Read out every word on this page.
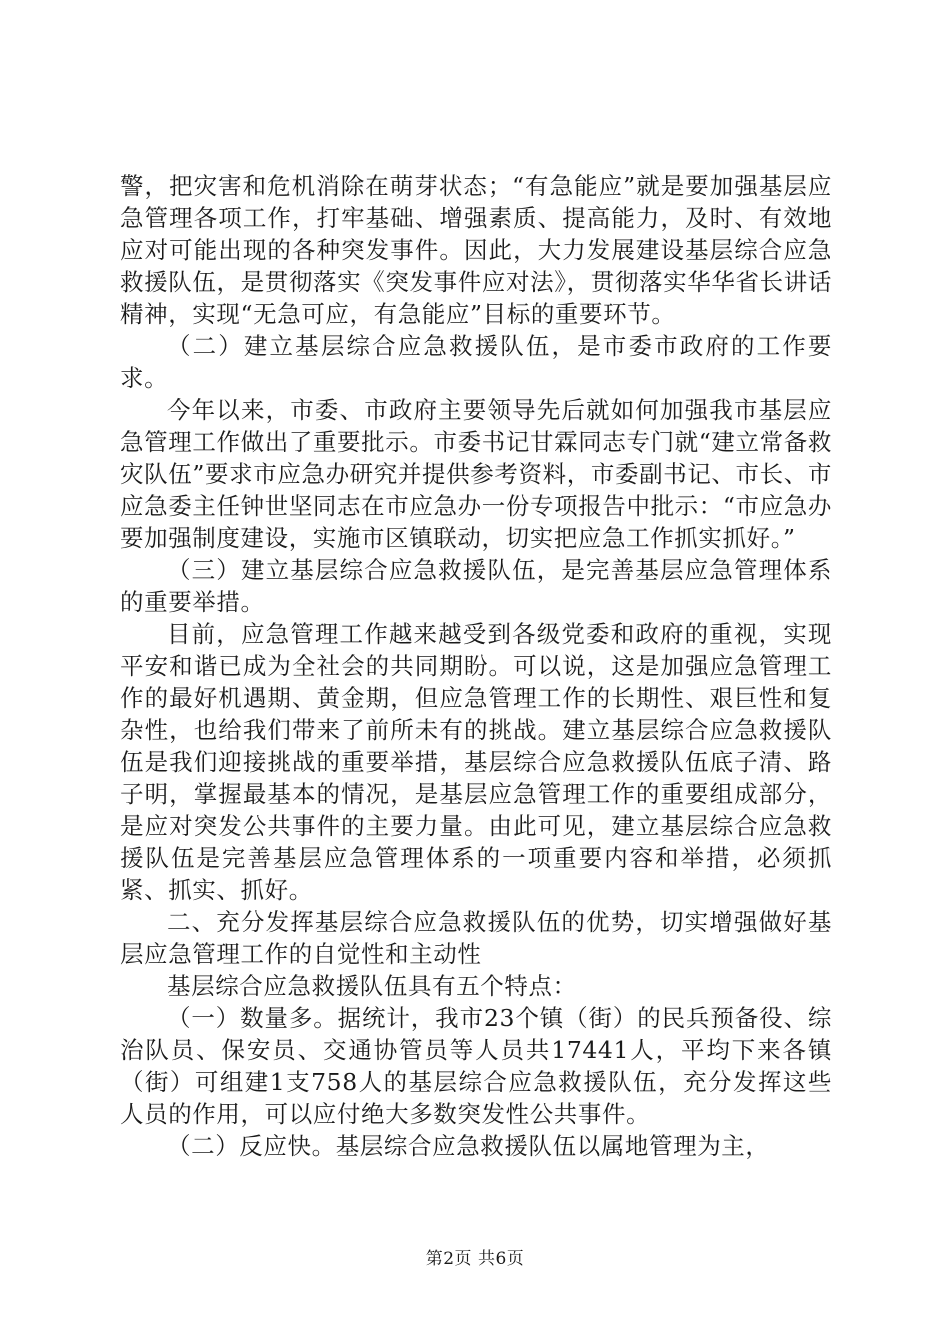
警，把灾害和危机消除在萌芽状态；“有急能应”就是要加强基层应急管理各项工作，打牢基础、增强素质、提高能力，及时、有效地应对可能出现的各种突发事件。因此，大力发展建设基层综合应急救援队伍，是贯彻落实《突发事件应对法》，贯彻落实华华省长讲话精神，实现“无急可应，有急能应”目标的重要环节。

（二）建立基层综合应急救援队伍，是市委市政府的工作要求。

今年以来，市委、市政府主要领导先后就如何加强我市基层应急管理工作做出了重要批示。市委书记甘霖同志专门就“建立常备救灾队伍”要求市应急办研究并提供参考资料，市委副书记、市长、市应急委主任钟世坚同志在市应急办一份专项报告中批示：“市应急办要加强制度建设，实施市区镇联动，切实把应急工作抓实抓好。”

（三）建立基层综合应急救援队伍，是完善基层应急管理体系的重要举措。

目前，应急管理工作越来越受到各级党委和政府的重视，实现平安和谐已成为全社会的共同期盼。可以说，这是加强应急管理工作的最好机遇期、黄金期，但应急管理工作的长期性、艰巨性和复杂性，也给我们带来了前所未有的挑战。建立基层综合应急救援队伍是我们迎接挑战的重要举措，基层综合应急救援队伍底子清、路子明，掌握最基本的情况，是基层应急管理工作的重要组成部分，是应对突发公共事件的主要力量。由此可见，建立基层综合应急救援队伍是完善基层应急管理体系的一项重要内容和举措，必须抓紧、抓实、抓好。

二、充分发挥基层综合应急救援队伍的优势，切实增强做好基层应急管理工作的自觉性和主动性

基层综合应急救援队伍具有五个特点：

（一）数量多。据统计，我市23个镇（街）的民兵预备役、综治队员、保安员、交通协管员等人员共17441人，平均下来各镇（街）可组建1支758人的基层综合应急救援队伍，充分发挥这些人员的作用，可以应付绝大多数突发性公共事件。

（二）反应快。基层综合应急救援队伍以属地管理为主，

第2页 共6页
